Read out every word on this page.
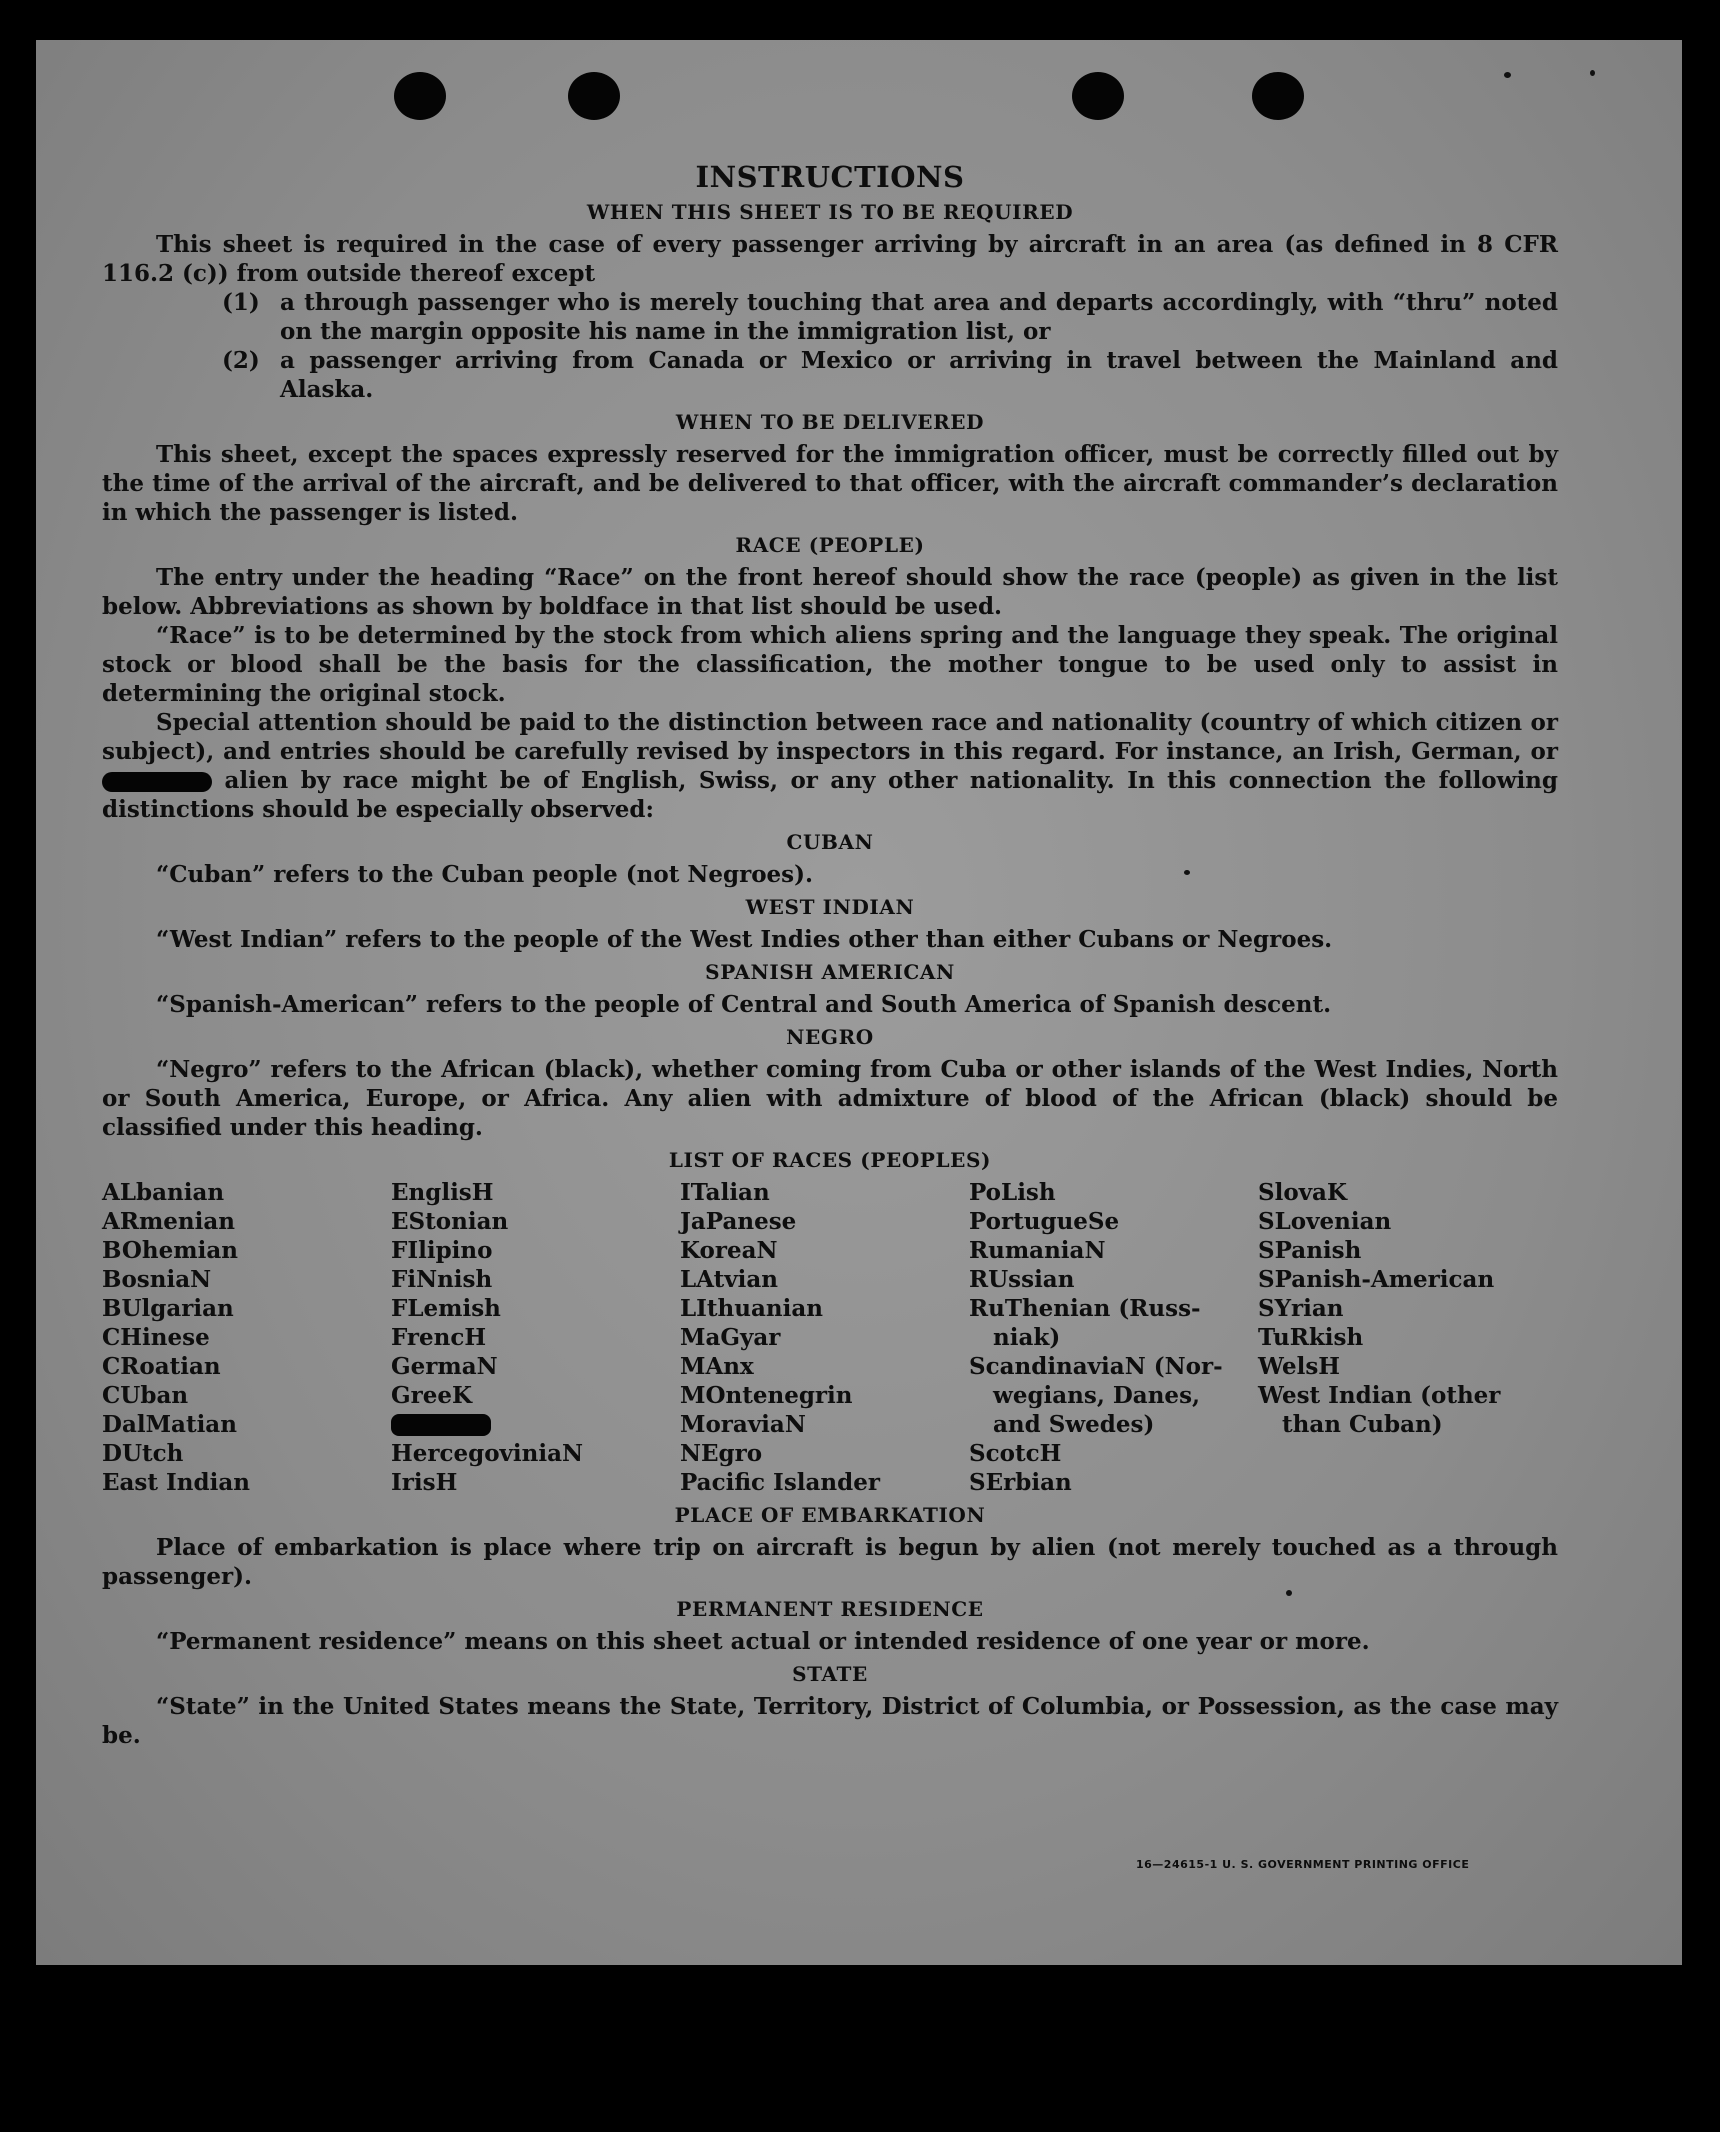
INSTRUCTIONS
WHEN THIS SHEET IS TO BE REQUIRED

This sheet is required in the case of every passenger arriving by aircraft in an area (as defined in 8 CFR 116.2 (c)) from outside thereof except

(1) a through passenger who is merely touching that area and departs accordingly, with “thru” noted on the margin opposite his name in the immigration list, or
(2) a passenger arriving from Canada or Mexico or arriving in travel between the Mainland and Alaska.
WHEN TO BE DELIVERED

This sheet, except the spaces expressly reserved for the immigration officer, must be correctly filled out by the time of the arrival of the aircraft, and be delivered to that officer, with the aircraft commander’s declaration in which the passenger is listed.

RACE (PEOPLE)

The entry under the heading “Race” on the front hereof should show the race (people) as given in the list below. Abbreviations as shown by boldface in that list should be used.

“Race” is to be determined by the stock from which aliens spring and the language they speak. The original stock or blood shall be the basis for the classification, the mother tongue to be used only to assist in determining the original stock.

Special attention should be paid to the distinction between race and nationality (country of which citizen or subject), and entries should be carefully revised by inspectors in this regard. For instance, an Irish, German, or  alien by race might be of English, Swiss, or any other nationality. In this connection the following distinctions should be especially observed:

CUBAN

“Cuban” refers to the Cuban people (not Negroes).

WEST INDIAN

“West Indian” refers to the people of the West Indies other than either Cubans or Negroes.

SPANISH AMERICAN

“Spanish-American” refers to the people of Central and South America of Spanish descent.

NEGRO

“Negro” refers to the African (black), whether coming from Cuba or other islands of the West Indies, North or South America, Europe, or Africa. Any alien with admixture of blood of the African (black) should be classified under this heading.

LIST OF RACES (PEOPLES)
ALbanian
ARmenian
BOhemian
BosniaN
BUlgarian
CHinese
CRoatian
CUban
DalMatian
DUtch
East Indian
EnglisH
EStonian
FIlipino
FiNnish
FLemish
FrencH
GermaN
GreeK
HercegoviniaN
IrisH
ITalian
JaPanese
KoreaN
LAtvian
LIthuanian
MaGyar
MAnx
MOntenegrin
MoraviaN
NEgro
Pacific Islander
PoLish
PortugueSe
RumaniaN
RUssian
RuThenian (Russ-
niak)
ScandinaviaN (Nor-
wegians, Danes,
and Swedes)
ScotcH
SErbian
SlovaK
SLovenian
SPanish
SPanish-American
SYrian
TuRkish
WelsH
West Indian (other
than Cuban)
PLACE OF EMBARKATION

Place of embarkation is place where trip on aircraft is begun by alien (not merely touched as a through passenger).

PERMANENT RESIDENCE

“Permanent residence” means on this sheet actual or intended residence of one year or more.

STATE

“State” in the United States means the State, Territory, District of Columbia, or Possession, as the case may be.

16—24615-1 U. S. GOVERNMENT PRINTING OFFICE
